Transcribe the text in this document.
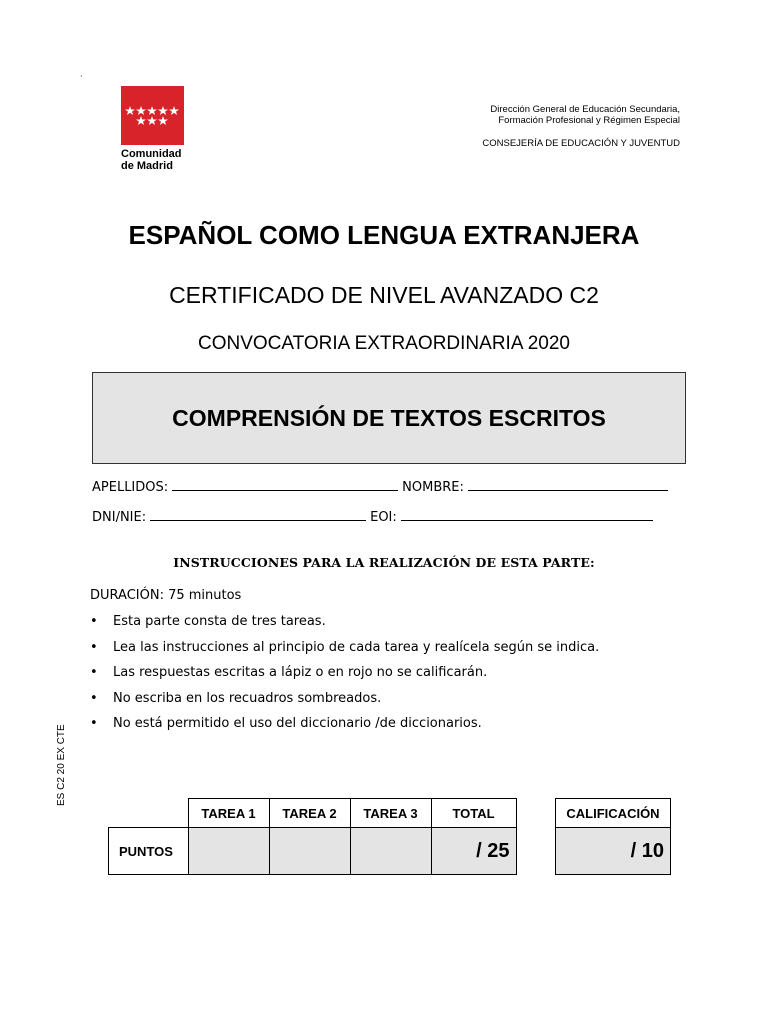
·
Comunidad
de Madrid
Dirección General de Educación Secundaria,
Formación Profesional y Régimen Especial
CONSEJERÍA DE EDUCACIÓN Y JUVENTUD
ESPAÑOL COMO LENGUA EXTRANJERA
CERTIFICADO DE NIVEL AVANZADO C2
CONVOCATORIA EXTRAORDINARIA 2020
COMPRENSIÓN DE TEXTOS ESCRITOS
APELLIDOS:	NOMBRE:
DNI/NIE:	EOI:
INSTRUCCIONES PARA LA REALIZACIÓN DE ESTA PARTE:
DURACIÓN: 75 minutos
• Esta parte consta de tres tareas.
• Lea las instrucciones al principio de cada tarea y realícela según se indica.
• Las respuestas escritas a lápiz o en rojo no se calificarán.
• No escriba en los recuadros sombreados.
• No está permitido el uso del diccionario /de diccionarios.
ES C2 20 EX CTE
	TAREA 1	TAREA 2	TAREA 3	TOTAL
PUNTOS				/ 25
CALIFICACIÓN
/ 10
